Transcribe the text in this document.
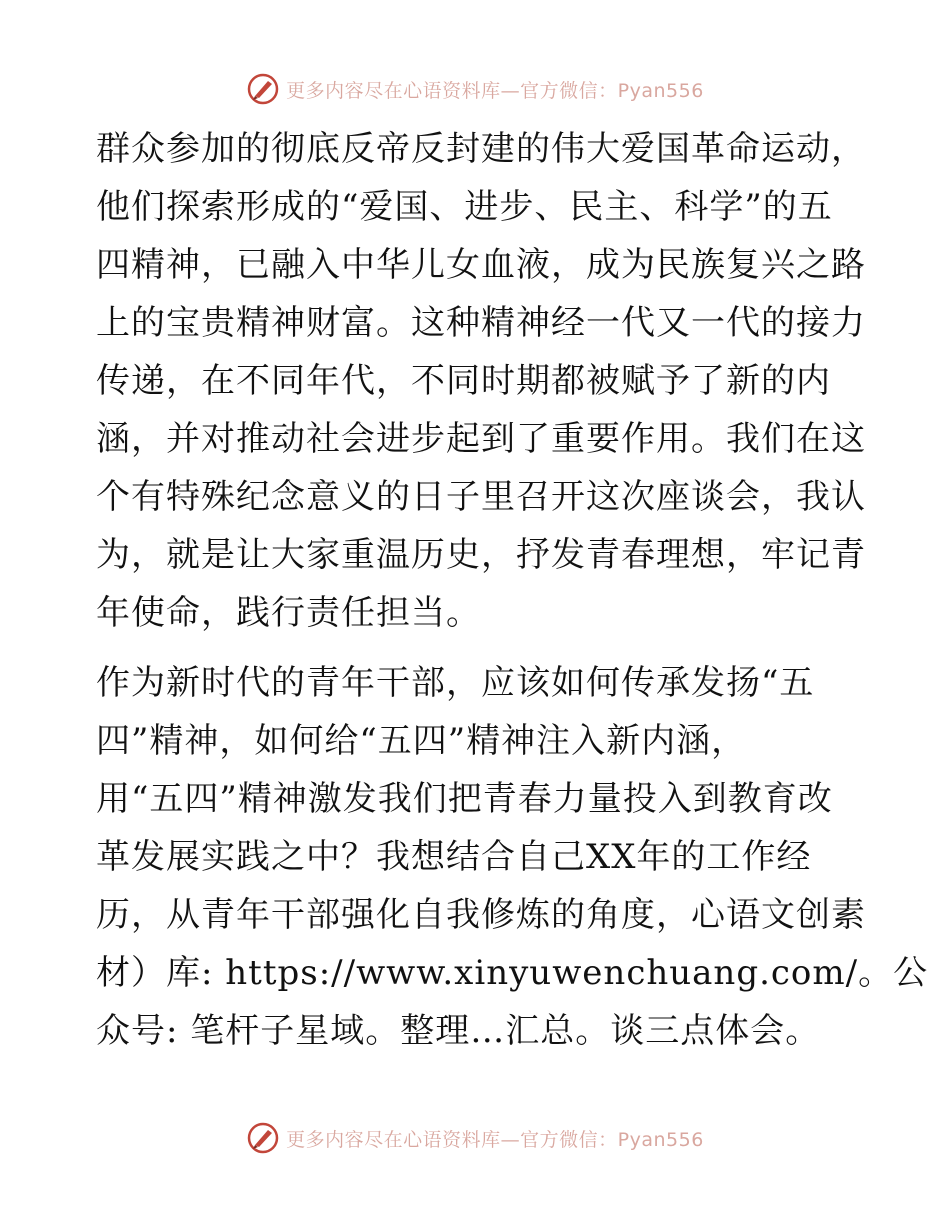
更多内容尽在心语资料库—官方微信：Pyan556

群众参加的彻底反帝反封建的伟大爱国革命运动，
他们探索形成的“爱国、进步、民主、科学”的五
四精神，已融入中华儿女血液，成为民族复兴之路
上的宝贵精神财富。这种精神经一代又一代的接力
传递，在不同年代，不同时期都被赋予了新的内
涵，并对推动社会进步起到了重要作用。我们在这
个有特殊纪念意义的日子里召开这次座谈会，我认
为，就是让大家重温历史，抒发青春理想，牢记青
年使命，践行责任担当。

作为新时代的青年干部，应该如何传承发扬“五
四”精神，如何给“五四”精神注入新内涵，
用“五四”精神激发我们把青春力量投入到教育改
革发展实践之中？我想结合自己XX年的工作经
历，从青年干部强化自我修炼的角度，心语文创素
材）库: https://www.xinyuwenchuang.com/。公
众号: 笔杆子星域。整理…汇总。谈三点体会。

更多内容尽在心语资料库—官方微信：Pyan556
